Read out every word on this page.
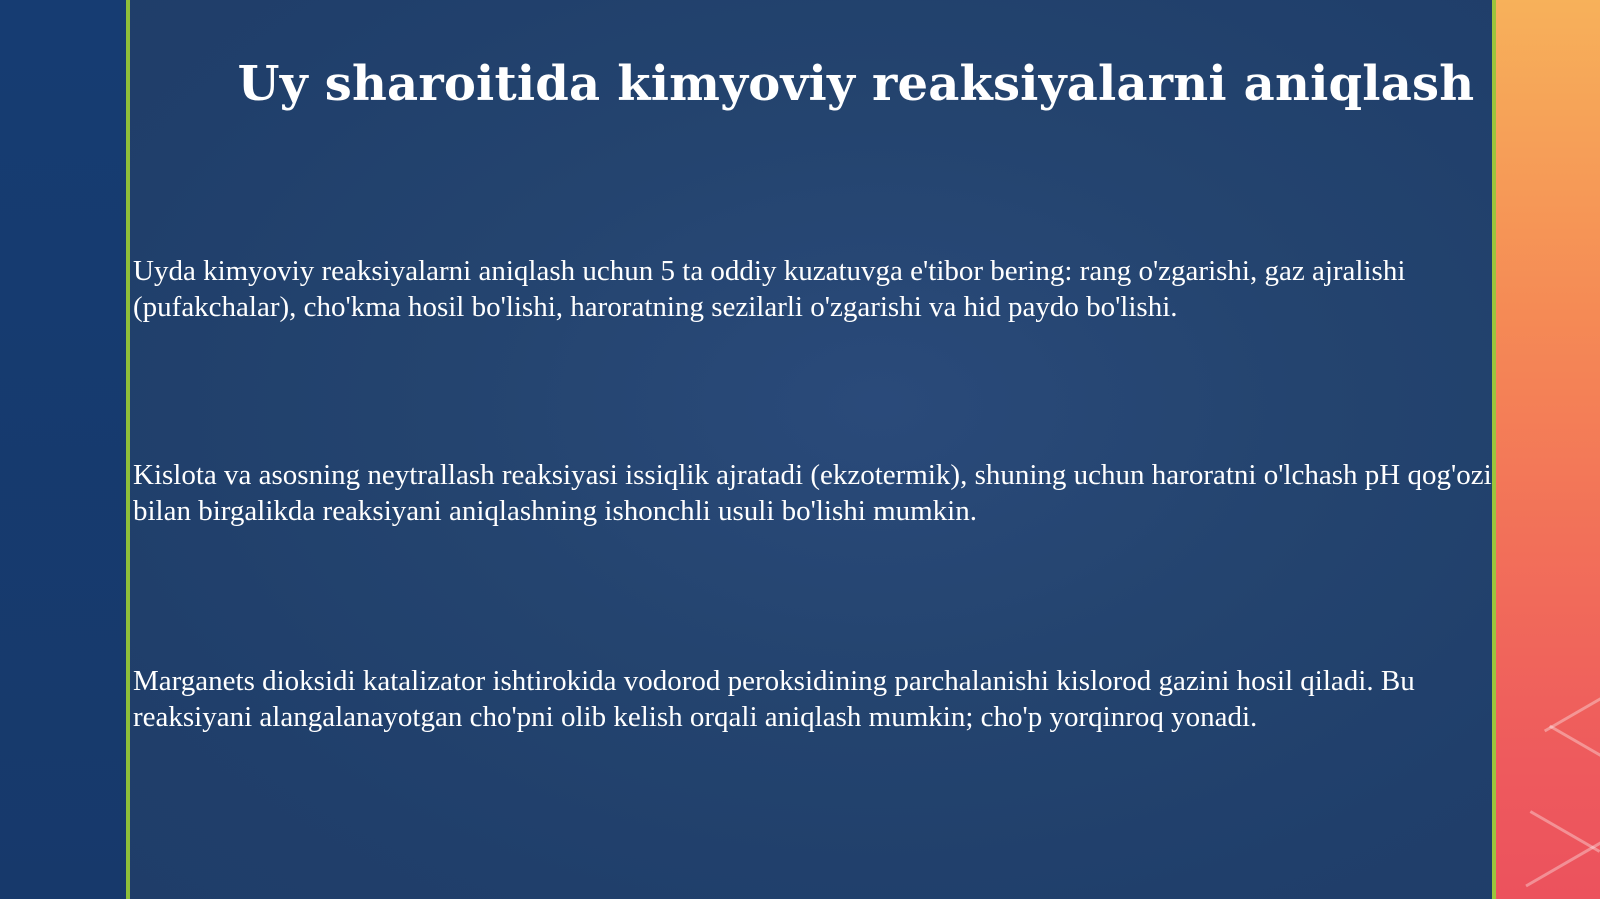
Uy sharoitida kimyoviy reaksiyalarni aniqlash

Uyda kimyoviy reaksiyalarni aniqlash uchun 5 ta oddiy kuzatuvga e'tibor bering: rang o'zgarishi, gaz ajralishi (pufakchalar), cho'kma hosil bo'lishi, haroratning sezilarli o'zgarishi va hid paydo bo'lishi.

Kislota va asosning neytrallash reaksiyasi issiqlik ajratadi (ekzotermik), shuning uchun haroratni o'lchash pH qog'ozi bilan birgalikda reaksiyani aniqlashning ishonchli usuli bo'lishi mumkin.

Marganets dioksidi katalizator ishtirokida vodorod peroksidining parchalanishi kislorod gazini hosil qiladi. Bu reaksiyani alangalanayotgan cho'pni olib kelish orqali aniqlash mumkin; cho'p yorqinroq yonadi.
